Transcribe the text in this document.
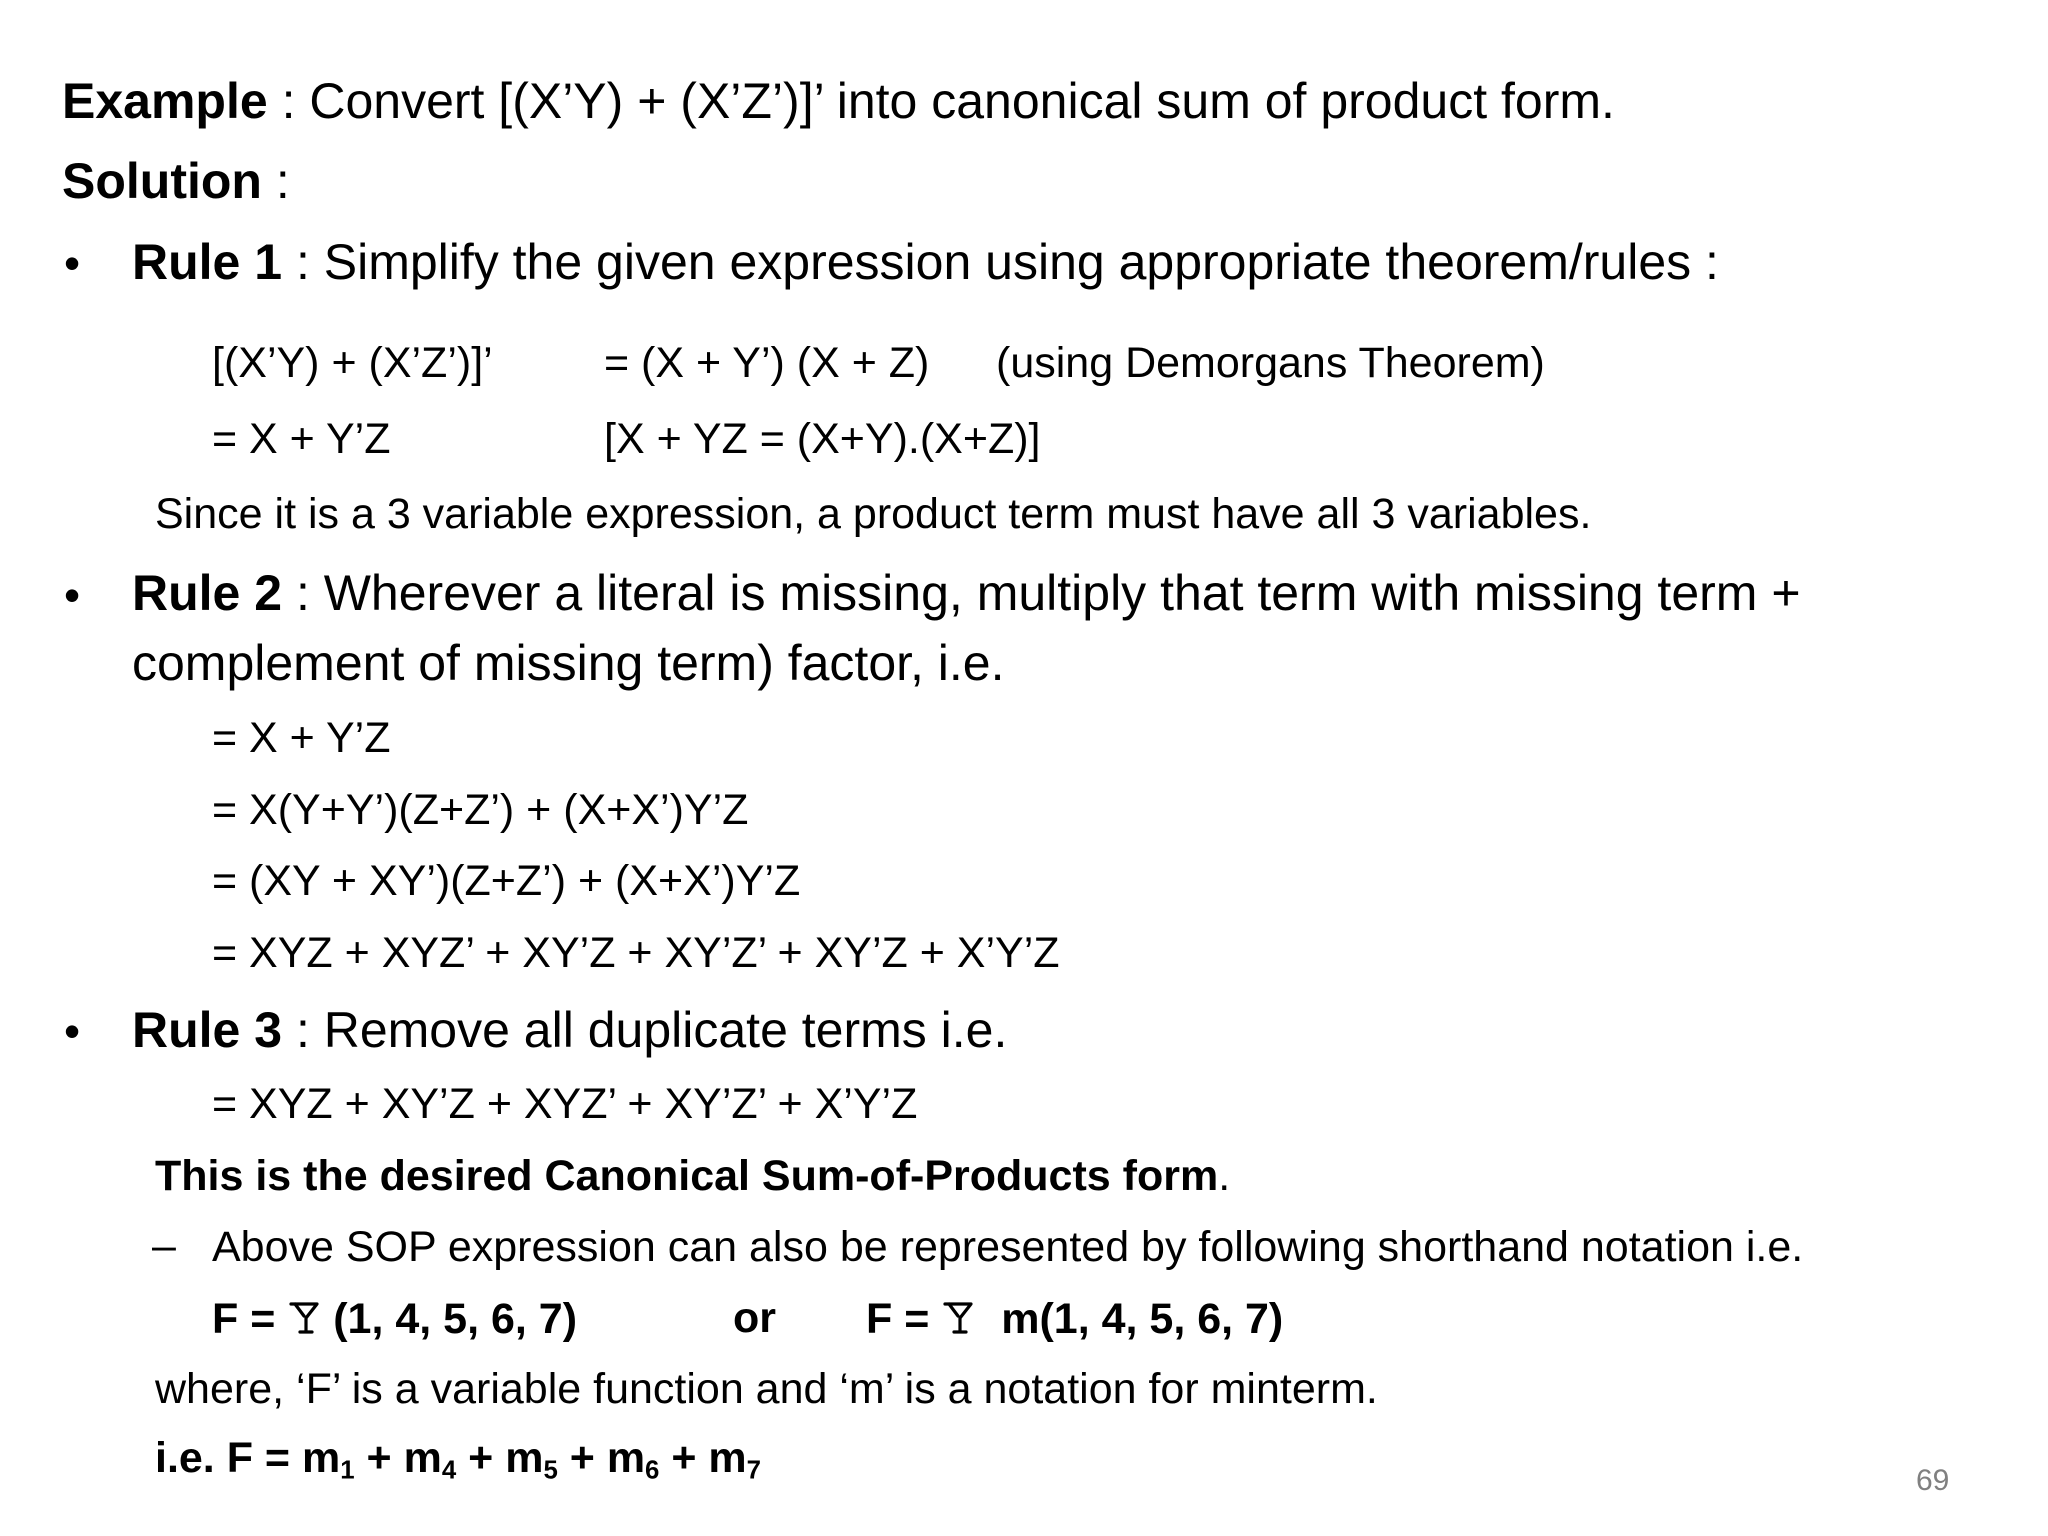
Example : Convert [(X’Y) + (X’Z’)]’ into canonical sum of product form.
Solution :
• Rule 1 : Simplify the given expression using appropriate theorem/rules :
[(X’Y) + (X’Z’)]’	= (X + Y’) (X + Z) (using Demorgans Theorem)
= X + Y’Z	[X + YZ = (X+Y).(X+Z)]
Since it is a 3 variable expression, a product term must have all 3 variables.
• Rule 2 : Wherever a literal is missing, multiply that term with missing term +
complement of missing term) factor, i.e.
= X + Y’Z
= X(Y+Y’)(Z+Z’) + (X+X’)Y’Z
= (XY + XY’)(Z+Z’) + (X+X’)Y’Z
= XYZ + XYZ’ + XY’Z + XY’Z’ + XY’Z + X’Y’Z
• Rule 3 : Remove all duplicate terms i.e.
= XYZ + XY’Z + XYZ’ + XY’Z’ + X’Y’Z
This is the desired Canonical Sum-of-Products form.
– Above SOP expression can also be represented by following shorthand notation i.e.
F = (1, 4, 5, 6, 7)	or F = m(1, 4, 5, 6, 7)
where, ‘F’ is a variable function and ‘m’ is a notation for minterm.
i.e. $F = m_1 + m_4 + m_5 + m_6 + m_7$	69
